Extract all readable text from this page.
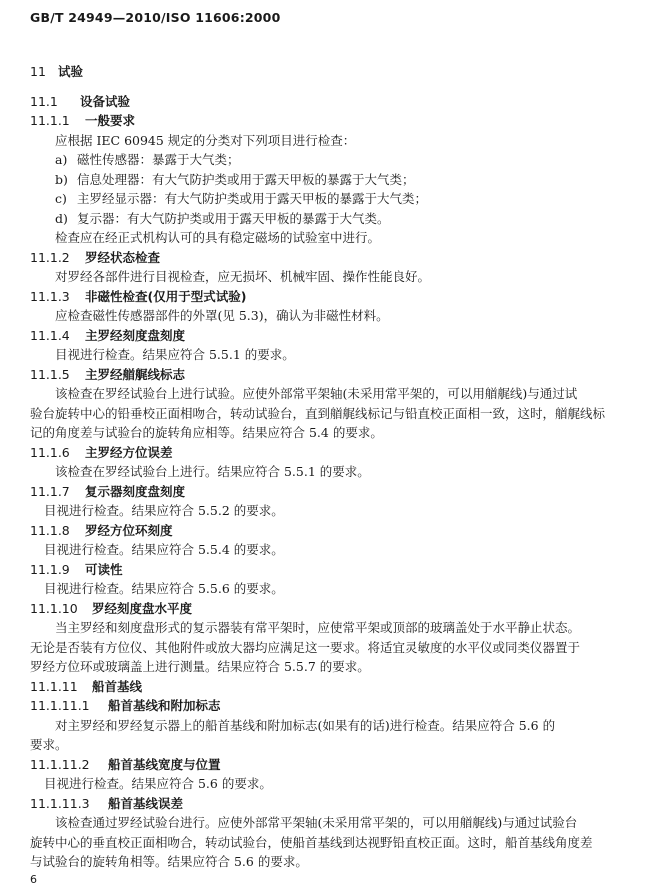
GB/T 24949—2010/ISO 11606:2000

11 试验

11.1 设备试验

11.1.1 一般要求

应根据 IEC 60945 规定的分类对下列项目进行检查：

a) 磁性传感器：暴露于大气类；

b) 信息处理器：有大气防护类或用于露天甲板的暴露于大气类；

c) 主罗经显示器：有大气防护类或用于露天甲板的暴露于大气类；

d) 复示器：有大气防护类或用于露天甲板的暴露于大气类。

检查应在经正式机构认可的具有稳定磁场的试验室中进行。

11.1.2 罗经状态检查

对罗经各部件进行目视检查，应无损坏、机械牢固、操作性能良好。

11.1.3 非磁性检查(仅用于型式试验)

应检查磁性传感器部件的外罩(见 5.3)，确认为非磁性材料。

11.1.4 主罗经刻度盘刻度

目视进行检查。结果应符合 5.5.1 的要求。

11.1.5 主罗经艏艉线标志

该检查在罗经试验台上进行试验。应使外部常平架轴(未采用常平架的，可以用艏艉线)与通过试

验台旋转中心的铅垂校正面相吻合，转动试验台，直到艏艉线标记与铅直校正面相一致，这时，艏艉线标

记的角度差与试验台的旋转角应相等。结果应符合 5.4 的要求。

11.1.6 主罗经方位误差

该检查在罗经试验台上进行。结果应符合 5.5.1 的要求。

11.1.7 复示器刻度盘刻度

目视进行检查。结果应符合 5.5.2 的要求。

11.1.8 罗经方位环刻度

目视进行检查。结果应符合 5.5.4 的要求。

11.1.9 可读性

目视进行检查。结果应符合 5.5.6 的要求。

11.1.10 罗经刻度盘水平度

当主罗经和刻度盘形式的复示器装有常平架时，应使常平架或顶部的玻璃盖处于水平静止状态。

无论是否装有方位仪、其他附件或放大器均应满足这一要求。将适宜灵敏度的水平仪或同类仪器置于

罗经方位环或玻璃盖上进行测量。结果应符合 5.5.7 的要求。

11.1.11 船首基线

11.1.11.1 船首基线和附加标志

对主罗经和罗经复示器上的船首基线和附加标志(如果有的话)进行检查。结果应符合 5.6 的

要求。

11.1.11.2 船首基线宽度与位置

目视进行检查。结果应符合 5.6 的要求。

11.1.11.3 船首基线误差

该检查通过罗经试验台进行。应使外部常平架轴(未采用常平架的，可以用艏艉线)与通过试验台

旋转中心的垂直校正面相吻合，转动试验台，使船首基线到达视野铅直校正面。这时，船首基线角度差

与试验台的旋转角相等。结果应符合 5.6 的要求。

6
